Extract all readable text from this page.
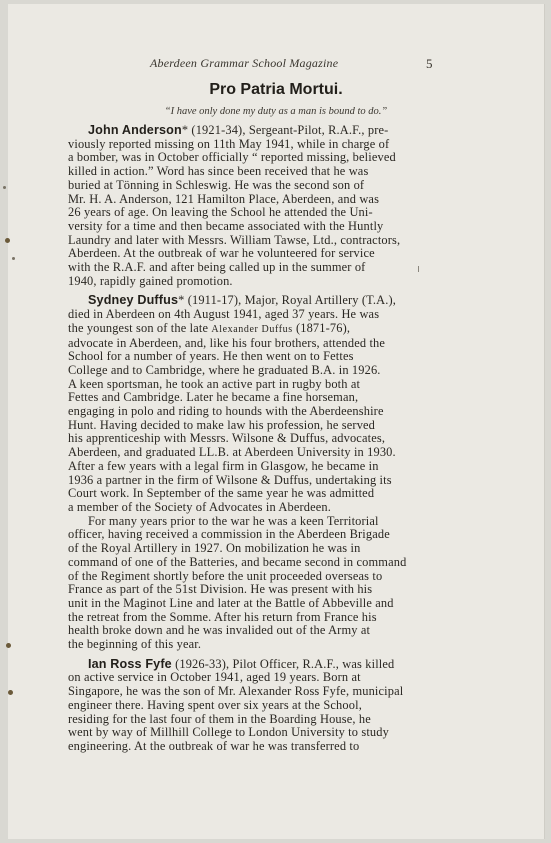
Aberdeen Grammar School Magazine	5
Pro Patria Mortui.
“I have only done my duty as a man is bound to do.”
John Anderson* (1921-34), Sergeant-Pilot, R.A.F., pre-
viously reported missing on 11th May 1941, while in charge of
a bomber, was in October officially “ reported missing, believed
killed in action.” Word has since been received that he was
buried at Tönning in Schleswig. He was the second son of
Mr. H. A. Anderson, 121 Hamilton Place, Aberdeen, and was
26 years of age. On leaving the School he attended the Uni-
versity for a time and then became associated with the Huntly
Laundry and later with Messrs. William Tawse, Ltd., contractors,
Aberdeen. At the outbreak of war he volunteered for service
with the R.A.F. and after being called up in the summer of
1940, rapidly gained promotion.
Sydney Duffus* (1911-17), Major, Royal Artillery (T.A.),
died in Aberdeen on 4th August 1941, aged 37 years. He was
the youngest son of the late Alexander Duffus (1871-76),
advocate in Aberdeen, and, like his four brothers, attended the
School for a number of years. He then went on to Fettes
College and to Cambridge, where he graduated B.A. in 1926.
A keen sportsman, he took an active part in rugby both at
Fettes and Cambridge. Later he became a fine horseman,
engaging in polo and riding to hounds with the Aberdeenshire
Hunt. Having decided to make law his profession, he served
his apprenticeship with Messrs. Wilsone & Duffus, advocates,
Aberdeen, and graduated LL.B. at Aberdeen University in 1930.
After a few years with a legal firm in Glasgow, he became in
1936 a partner in the firm of Wilsone & Duffus, undertaking its
Court work. In September of the same year he was admitted
a member of the Society of Advocates in Aberdeen.
For many years prior to the war he was a keen Territorial
officer, having received a commission in the Aberdeen Brigade
of the Royal Artillery in 1927. On mobilization he was in
command of one of the Batteries, and became second in command
of the Regiment shortly before the unit proceeded overseas to
France as part of the 51st Division. He was present with his
unit in the Maginot Line and later at the Battle of Abbeville and
the retreat from the Somme. After his return from France his
health broke down and he was invalided out of the Army at
the beginning of this year.
Ian Ross Fyfe (1926-33), Pilot Officer, R.A.F., was killed
on active service in October 1941, aged 19 years. Born at
Singapore, he was the son of Mr. Alexander Ross Fyfe, municipal
engineer there. Having spent over six years at the School,
residing for the last four of them in the Boarding House, he
went by way of Millhill College to London University to study
engineering. At the outbreak of war he was transferred to
